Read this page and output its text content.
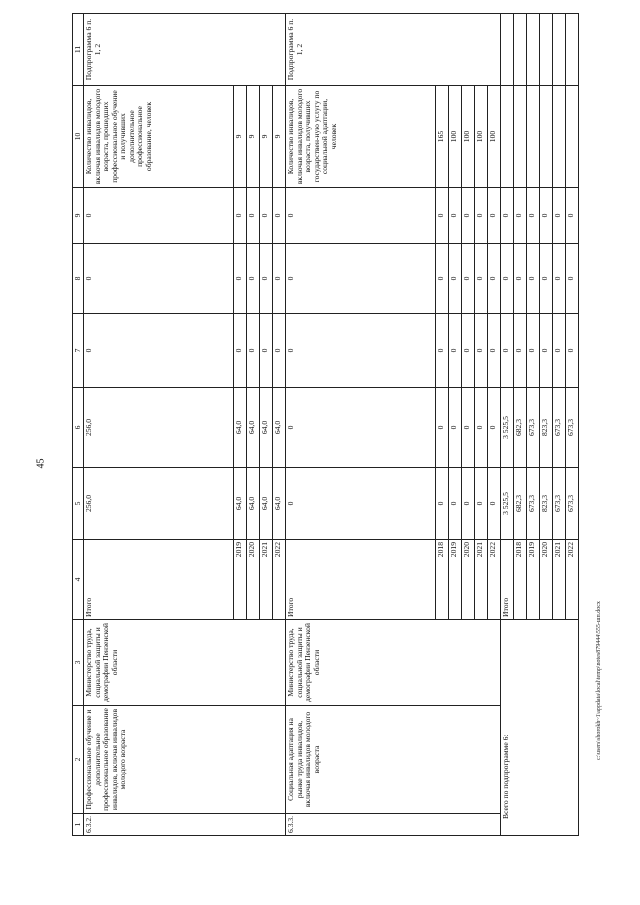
45
c:\users\shorokh~1\appdata\local\temp\notes879444\555-шп.docx
1	2	3	4	5	6	7	8	9	10	11
6.3.2.	Профессиональное обучение и дополнительное профессиональное образование инвалидов, включая инвалидов молодого возраста	Министерство труда, социальной защиты и демографии Пензенской области	Итого	256,0	256,0	0	0	0	Количество инвалидов, включая инвалидов молодого возраста, прошедших профессиональное обучение и получивших дополнительное профессиональное образование, человек	Подпрограмма 6 п. 1, 2
			2019	64,0	64,0	0	0	0	9	
			2020	64,0	64,0	0	0	0	9	
			2021	64,0	64,0	0	0	0	9	
			2022	64,0	64,0	0	0	0	9	
6.3.3.	Социальная адаптация на рынке труда инвалидов, включая инвалидов молодого возраста	Министерство труда, социальной защиты и демографии Пензенской области	Итого	0	0	0	0	0	Количество инвалидов, включая инвалидов молодого возраста, получивших государствен-ную услугу по социальной адаптации, человек	Подпрограмма 6 п. 1, 2
			2018	0	0	0	0	0	165	
			2019	0	0	0	0	0	100	
			2020	0	0	0	0	0	100	
			2021	0	0	0	0	0	100	
			2022	0	0	0	0	0	100	
Всего по подпрограмме 6:			Итого	3 525,5	3 525,5	0	0	0		
			2018	682,3	682,3	0	0	0		
			2019	673,3	673,3	0	0	0		
			2020	823,3	823,3	0	0	0		
			2021	673,3	673,3	0	0	0		
			2022	673,3	673,3	0	0	0		
